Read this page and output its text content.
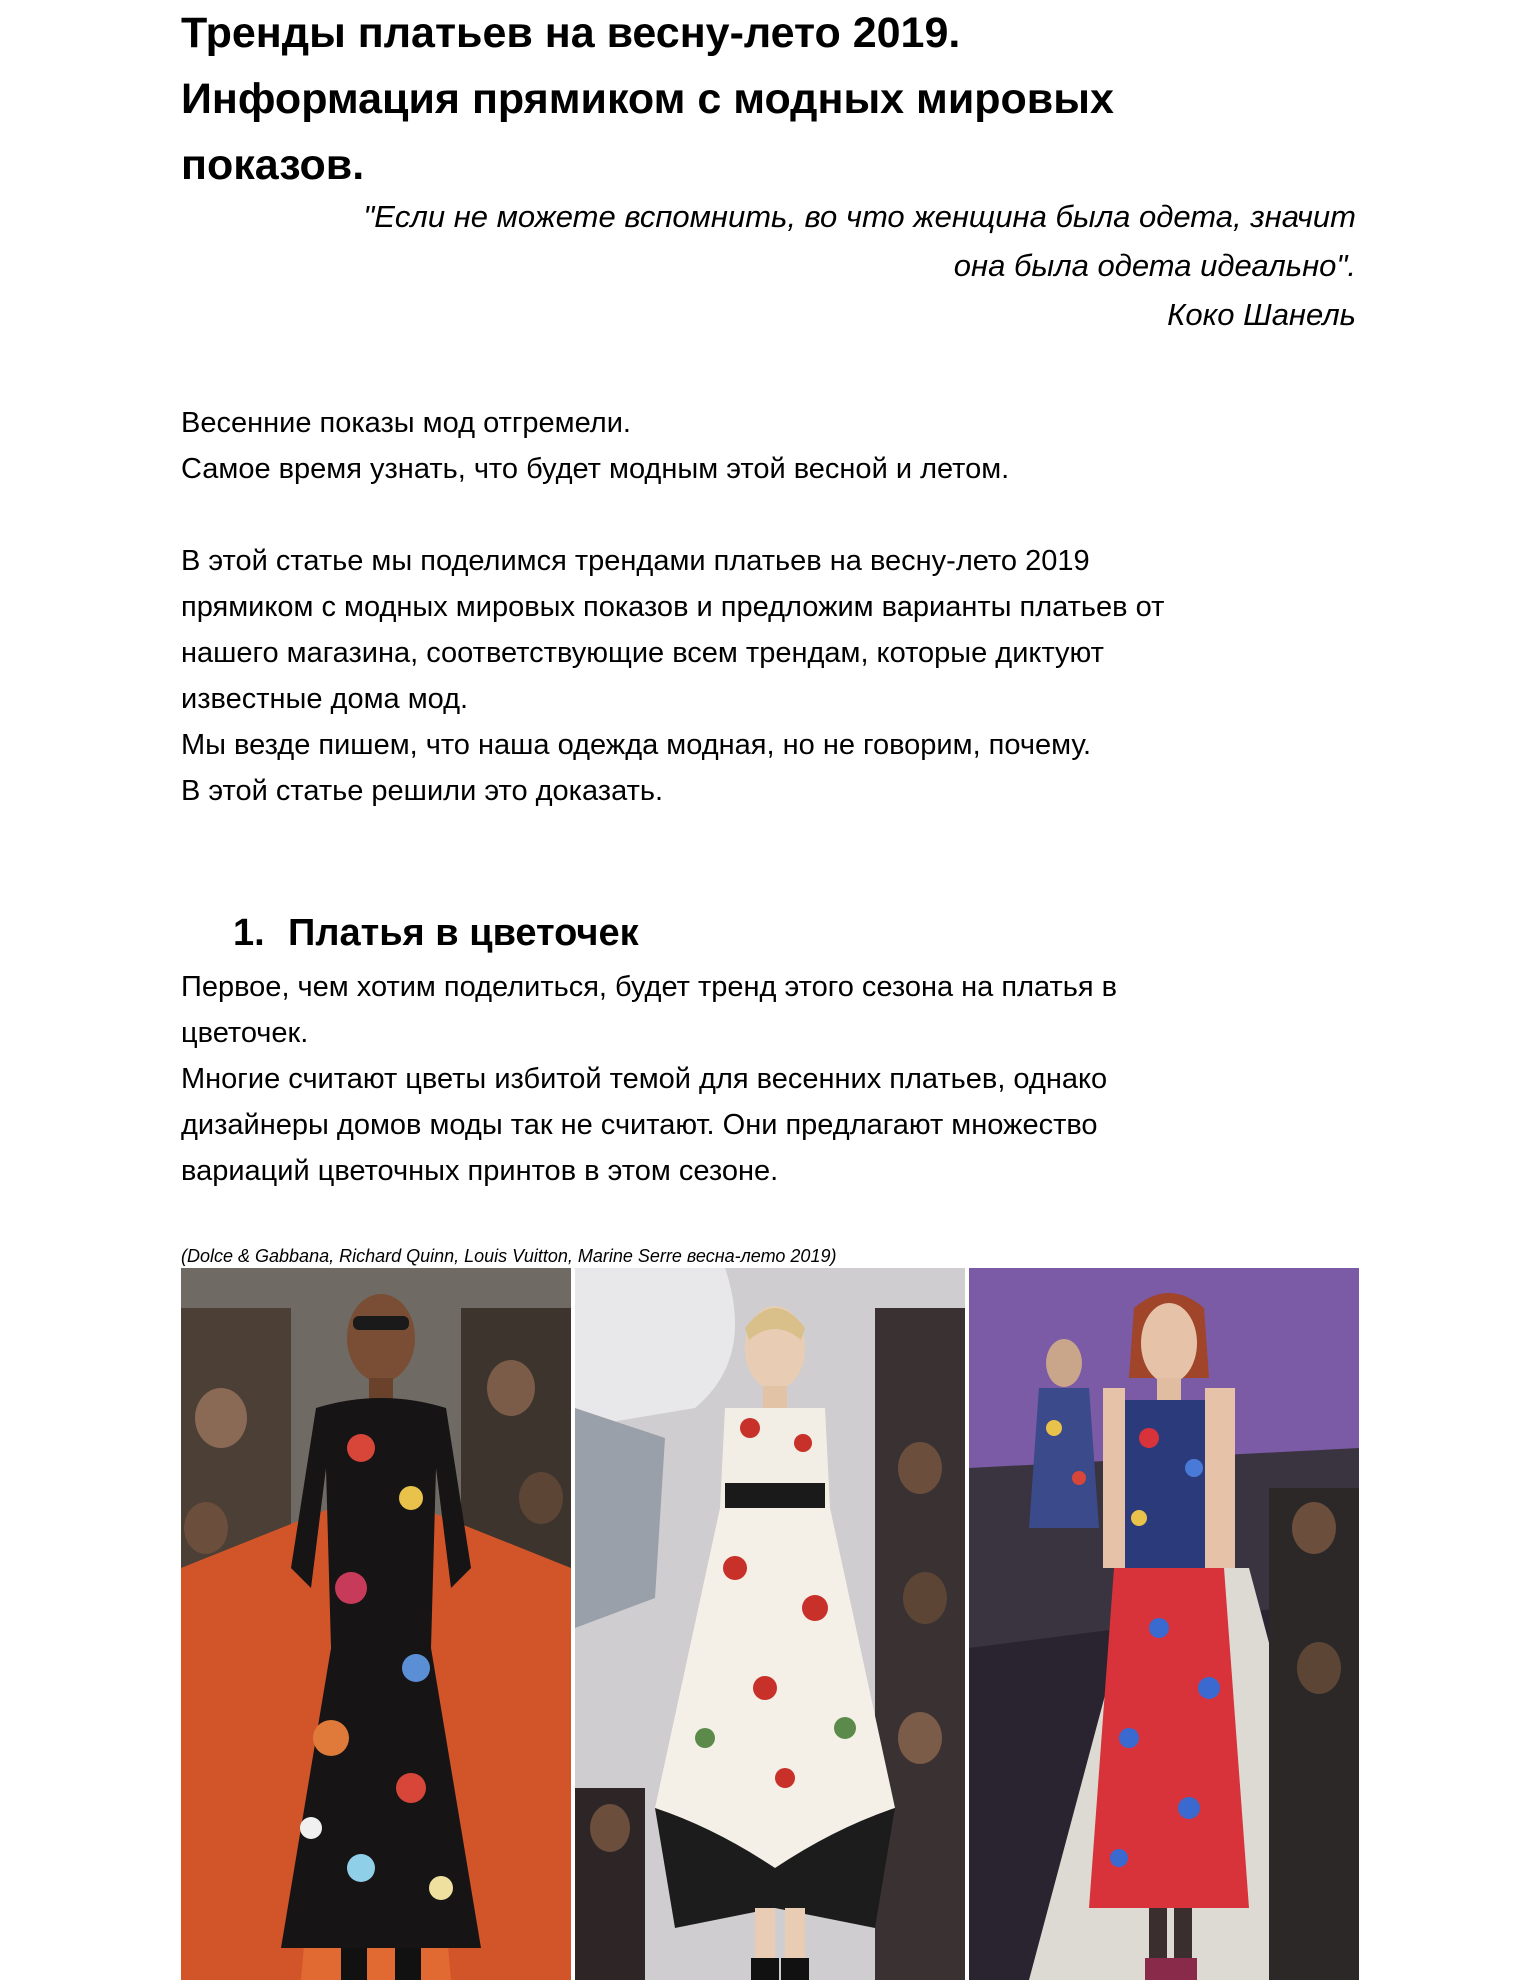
Тренды платьев на весну-лето 2019.
Информация прямиком с модных мировых
показов.
"Если не можете вспомнить, во что женщина была одета, значит
она была одета идеально".
Коко Шанель
Весенние показы мод отгремели.
Самое время узнать, что будет модным этой весной и летом.
В этой статье мы поделимся трендами платьев на весну-лето 2019
прямиком с модных мировых показов и предложим варианты платьев от
нашего магазина, соответствующие всем трендам, которые диктуют
известные дома мод.
Мы везде пишем, что наша одежда модная, но не говорим, почему.
В этой статье решили это доказать.
1. Платья в цветочек
Первое, чем хотим поделиться, будет тренд этого сезона на платья в
цветочек.
Многие считают цветы избитой темой для весенних платьев, однако
дизайнеры домов моды так не считают. Они предлагают множество
вариаций цветочных принтов в этом сезоне.
(Dolce & Gabbana, Richard Quinn, Louis Vuitton, Marine Serre весна-лето 2019)
